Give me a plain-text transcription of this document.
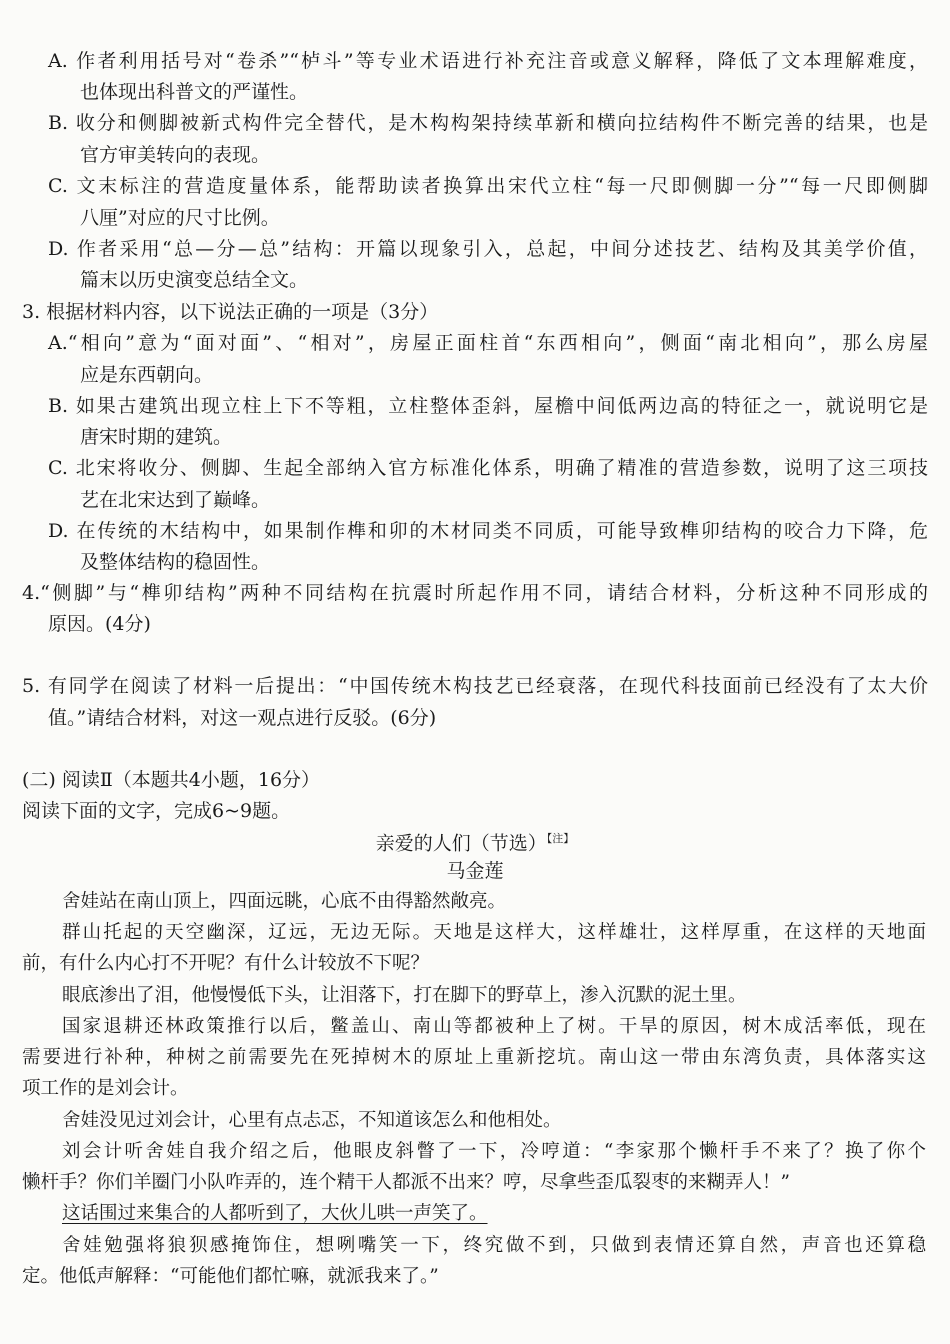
A. 作者利用括号对“卷杀”“栌斗”等专业术语进行补充注音或意义解释，降低了文本理解难度，
也体现出科普文的严谨性。
B. 收分和侧脚被新式构件完全替代，是木构构架持续革新和横向拉结构件不断完善的结果，也是
官方审美转向的表现。
C. 文末标注的营造度量体系，能帮助读者换算出宋代立柱“每一尺即侧脚一分”“每一尺即侧脚
八厘”对应的尺寸比例。
D. 作者采用“总—分—总”结构：开篇以现象引入，总起，中间分述技艺、结构及其美学价值，
篇末以历史演变总结全文。
3. 根据材料内容，以下说法正确的一项是（3分）
A.“相向”意为“面对面”、“相对”，房屋正面柱首“东西相向”，侧面“南北相向”，那么房屋
应是东西朝向。
B. 如果古建筑出现立柱上下不等粗，立柱整体歪斜，屋檐中间低两边高的特征之一，就说明它是
唐宋时期的建筑。
C. 北宋将收分、侧脚、生起全部纳入官方标准化体系，明确了精准的营造参数，说明了这三项技
艺在北宋达到了巅峰。
D. 在传统的木结构中，如果制作榫和卯的木材同类不同质，可能导致榫卯结构的咬合力下降，危
及整体结构的稳固性。
4.“侧脚”与“榫卯结构”两种不同结构在抗震时所起作用不同，请结合材料，分析这种不同形成的
原因。(4分)
5. 有同学在阅读了材料一后提出：“中国传统木构技艺已经衰落，在现代科技面前已经没有了太大价
值。”请结合材料，对这一观点进行反驳。(6分)
(二) 阅读Ⅱ（本题共4小题，16分）
阅读下面的文字，完成6~9题。
亲爱的人们（节选）$^{【注】}$
马金莲
舍娃站在南山顶上，四面远眺，心底不由得豁然敞亮。
群山托起的天空幽深，辽远，无边无际。天地是这样大，这样雄壮，这样厚重，在这样的天地面
前，有什么内心打不开呢？有什么计较放不下呢？
眼底渗出了泪，他慢慢低下头，让泪落下，打在脚下的野草上，渗入沉默的泥土里。
国家退耕还林政策推行以后，鳖盖山、南山等都被种上了树。干旱的原因，树木成活率低，现在
需要进行补种，种树之前需要先在死掉树木的原址上重新挖坑。南山这一带由东湾负责，具体落实这
项工作的是刘会计。
舍娃没见过刘会计，心里有点忐忑，不知道该怎么和他相处。
刘会计听舍娃自我介绍之后，他眼皮斜瞥了一下，冷哼道：“李家那个懒杆手不来了？换了你个
懒杆手？你们羊圈门小队咋弄的，连个精干人都派不出来？哼，尽拿些歪瓜裂枣的来糊弄人！”
这话围过来集合的人都听到了，大伙儿哄一声笑了。
舍娃勉强将狼狈感掩饰住，想咧嘴笑一下，终究做不到，只做到表情还算自然，声音也还算稳
定。他低声解释：“可能他们都忙嘛，就派我来了。”
